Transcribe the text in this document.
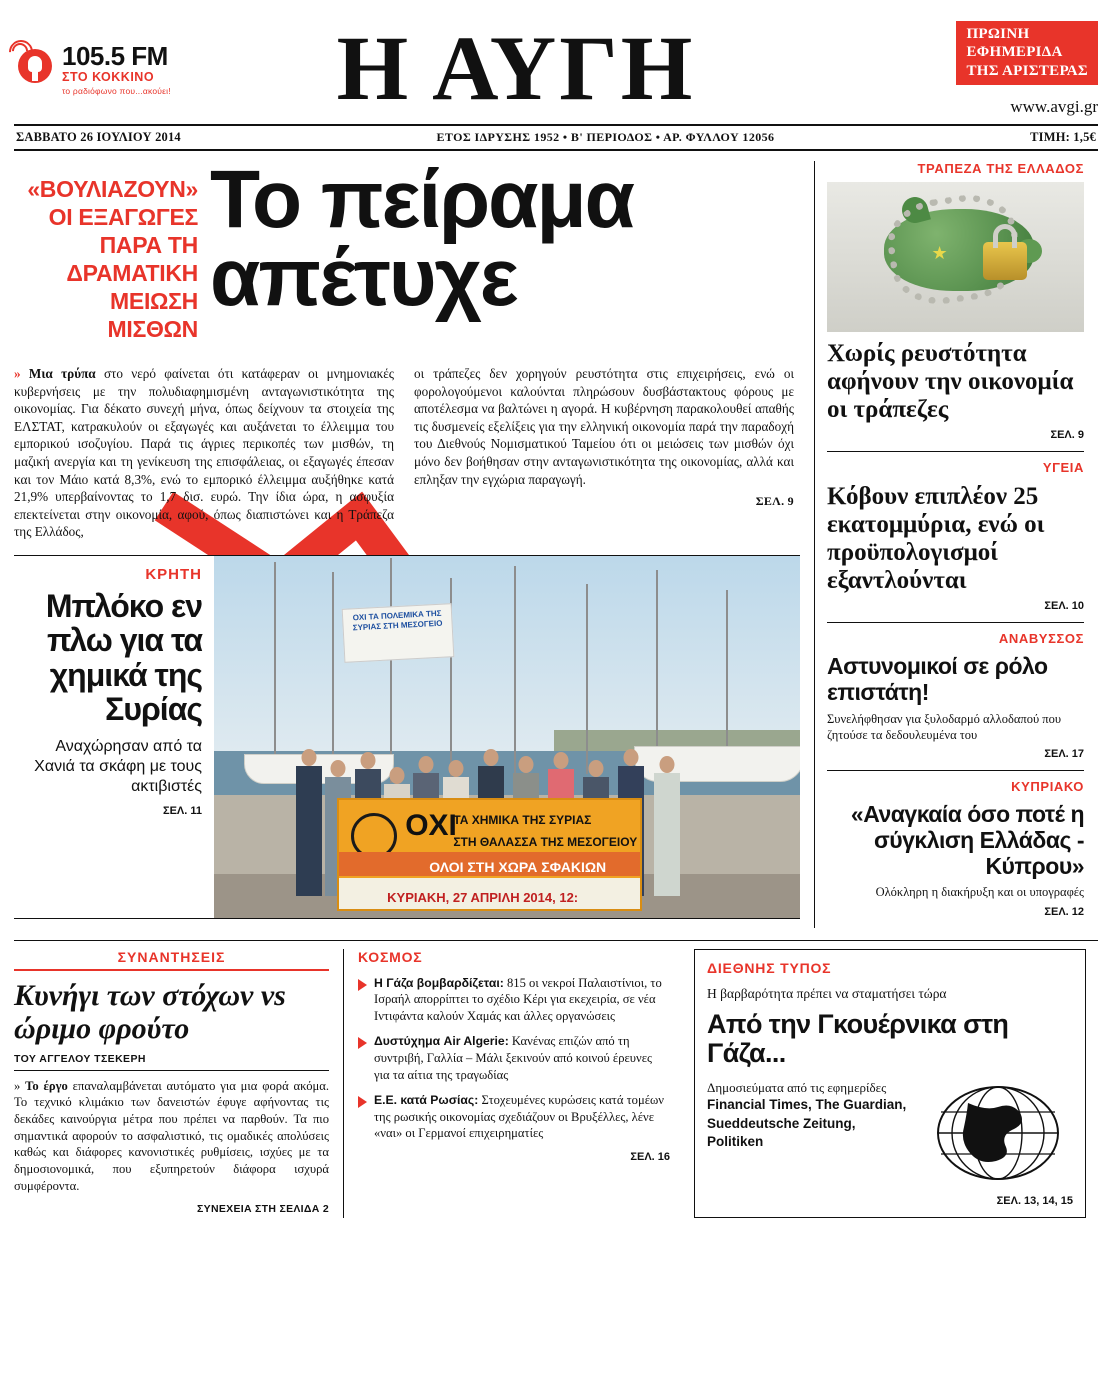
105.5 FM
ΣΤΟ ΚΟΚΚΙΝΟ
το ραδιόφωνο που...ακούει! Η ΑΥΓΗ	ΠΡΩΙΝΗ
ΕΦΗΜΕΡΙΔΑ
ΤΗΣ ΑΡΙΣΤΕΡΑΣ
www.avgi.gr
ΣΑΒΒΑΤΟ 26 ΙΟΥΛΙΟΥ 2014	ΕΤΟΣ ΙΔΡΥΣΗΣ 1952 • Β' ΠΕΡΙΟΔΟΣ • ΑΡ. ΦΥΛΛΟΥ 12056	ΤΙΜΗ: 1,5€
«ΒΟΥΛΙΑΖΟΥΝ» ΟΙ ΕΞΑΓΩΓΕΣ ΠΑΡΑ ΤΗ ΔΡΑΜΑΤΙΚΗ ΜΕΙΩΣΗ ΜΙΣΘΩΝ
Το πείραμα
απέτυχε

» Μια τρύπα στο νερό φαίνεται ότι κατάφεραν οι μνημονιακές κυβερνήσεις με την πολυδιαφημισμένη ανταγωνιστικότητα της οικονομίας. Για δέκατο συνεχή μήνα, όπως δείχνουν τα στοιχεία της ΕΛΣΤΑΤ, κατρακυλούν οι εξαγωγές και αυξάνεται το έλλειμμα του εμπορικού ισοζυγίου. Παρά τις άγριες περικοπές των μισθών, τη μαζική ανεργία και τη γενίκευση της επισφάλειας, οι εξαγωγές έπεσαν και τον Μάιο κατά 8,3%, ενώ το εμπορικό έλλειμμα αυξήθηκε κατά 21,9% υπερβαίνοντας το 1,7 δισ. ευρώ. Την ίδια ώρα, η ασφυξία επεκτείνεται στην οικονομία, αφού, όπως διαπιστώνει και η Τράπεζα της Ελλάδος,

οι τράπεζες δεν χορηγούν ρευστότητα στις επιχειρήσεις, ενώ οι φορολογούμενοι καλούνται πληρώσουν δυσβάστακτους φόρους με αποτέλεσμα να βαλτώνει η αγορά. Η κυβέρνηση παρακολουθεί απαθής τις δυσμενείς εξελίξεις για την ελληνική οικονομία παρά την παραδοχή του Διεθνούς Νομισματικού Ταμείου ότι οι μειώσεις των μισθών όχι μόνο δεν βοήθησαν στην ανταγωνιστικότητα της οικονομίας, αλλά και επληξαν την εγχώρια παραγωγή.

ΣΕΛ. 9
ΚΡΗΤΗ
Μπλόκο εν πλω για τα χημικά της Συρίας
Αναχώρησαν από τα Χανιά τα σκάφη με τους ακτιβιστές
ΣΕΛ. 11
ΟΧΙ ΤΑ ΠΟΛΕΜΙΚΑ ΤΗΣ ΣΥΡΙΑΣ ΣΤΗ ΜΕΣΟΓΕΙΟ
ΟΧΙ
ΤΑ ΧΗΜΙΚΑ ΤΗΣ ΣΥΡΙΑΣ
ΣΤΗ ΘΑΛΑΣΣΑ ΤΗΣ ΜΕΣΟΓΕΙΟΥ
ΟΛΟΙ ΣΤΗ ΧΩΡΑ ΣΦΑΚΙΩΝ
ΚΥΡΙΑΚΗ, 27 ΑΠΡΙΛΗ 2014, 12:
ΤΡΑΠΕΖΑ ΤΗΣ ΕΛΛΑΔΟΣ
★
Χωρίς ρευστότητα αφήνουν την οικονομία οι τράπεζες
ΣΕΛ. 9
ΥΓΕΙΑ
Κόβουν επιπλέον 25 εκατομμύρια, ενώ οι προϋπολογισμοί εξαντλούνται
ΣΕΛ. 10
ΑΝΑΒΥΣΣΟΣ
Αστυνομικοί σε ρόλο επιστάτη!
Συνελήφθησαν για ξυλοδαρμό αλλοδαπού που ζητούσε τα δεδουλευμένα του
ΣΕΛ. 17
ΚΥΠΡΙΑΚΟ
«Αναγκαία όσο ποτέ η σύγκλιση Ελλάδας - Κύπρου»
Ολόκληρη η διακήρυξη και οι υπογραφές
ΣΕΛ. 12
ΣΥΝΑΝΤΗΣΕΙΣ
Κυνήγι των στόχων vs ώριμο φρούτο
ΤΟΥ ΑΓΓΕΛΟΥ ΤΣΕΚΕΡΗ
» Το έργο επαναλαμβάνεται αυτόματο για μια φορά ακόμα. Το τεχνικό κλιμάκιο των δανειστών έφυγε αφήνοντας τις δεκάδες καινούργια μέτρα που πρέπει να παρθούν. Τα πιο σημαντικά αφορούν το ασφαλιστικό, τις ομαδικές απολύσεις καθώς και διάφορες κανονιστικές ρυθμίσεις, ισχύες με τα δημοσιονομικά, που εξυπηρετούν διάφορα ισχυρά συμφέροντα.
ΣΥΝΕΧΕΙΑ ΣΤΗ ΣΕΛΙΔΑ 2
ΚΟΣΜΟΣ
Η Γάζα βομβαρδίζεται: 815 οι νεκροί Παλαιστίνιοι, το Ισραήλ απορρίπτει το σχέδιο Κέρι για εκεχειρία, σε νέα Ιντιφάντα καλούν Χαμάς και άλλες οργανώσεις
Δυστύχημα Air Algerie: Κανένας επιζών από τη συντριβή, Γαλλία – Μάλι ξεκινούν από κοινού έρευνες για τα αίτια της τραγωδίας
Ε.Ε. κατά Ρωσίας: Στοχευμένες κυρώσεις κατά τομέων της ρωσικής οικονομίας σχεδιάζουν οι Βρυξέλλες, λένε «ναι» οι Γερμανοί επιχειρηματίες
ΣΕΛ. 16
ΔΙΕΘΝΗΣ ΤΥΠΟΣ
Η βαρβαρότητα πρέπει να σταματήσει τώρα
Από την Γκουέρνικα στη Γάζα...
Δημοσιεύματα από τις εφημερίδες
Financial Times, The Guardian, Sueddeutsche Zeitung, Politiken
ΣΕΛ. 13, 14, 15
